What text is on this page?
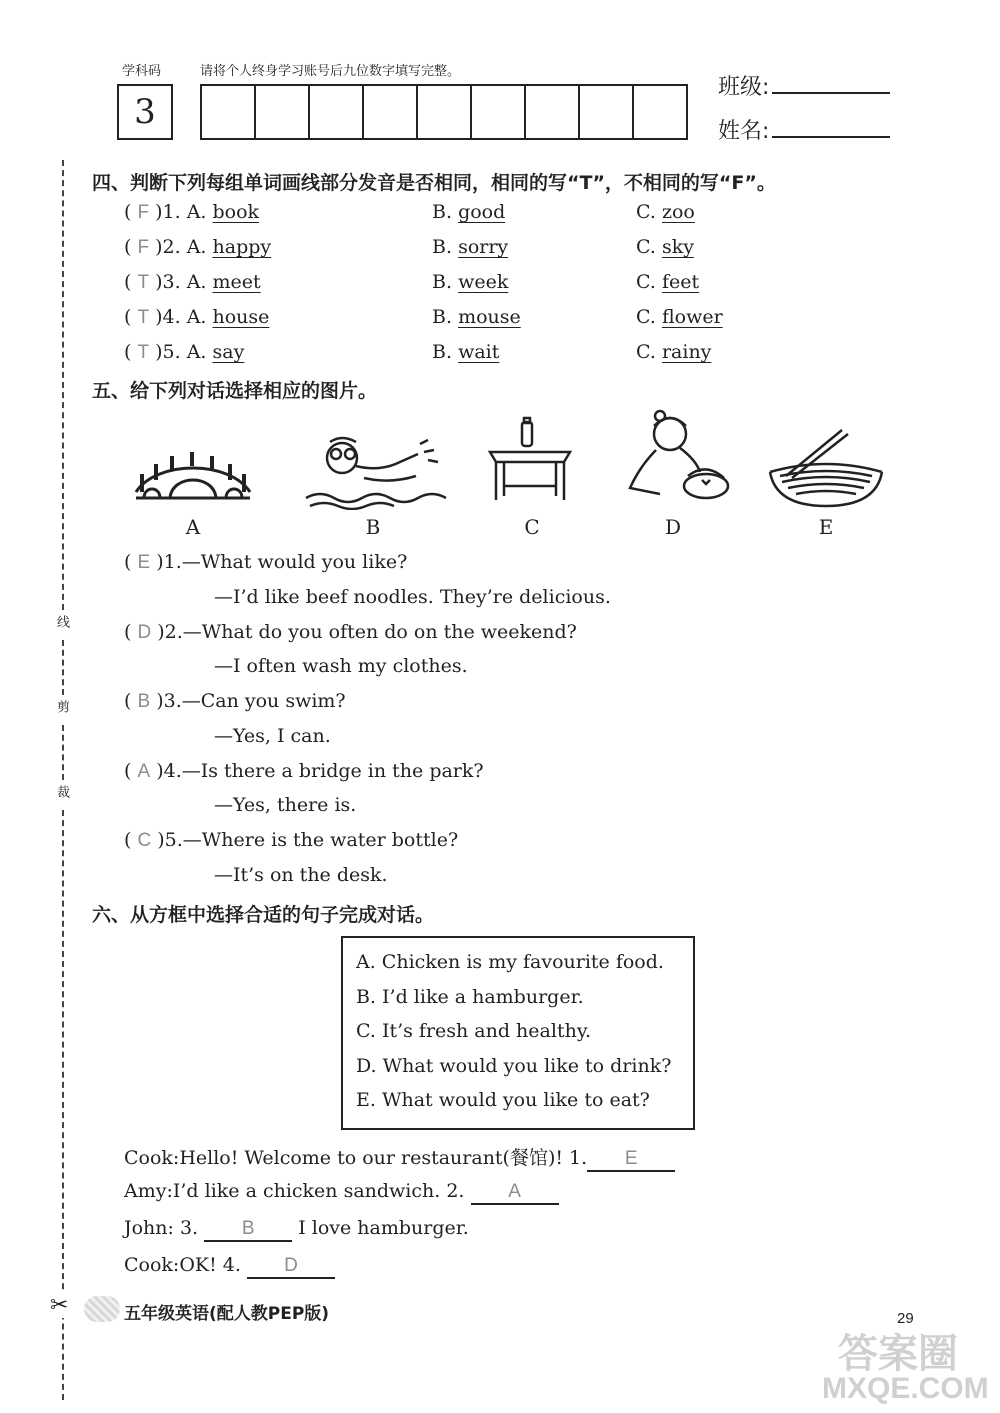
学科码	请将个人终身学习账号后九位数字填写完整。
3
班级:
姓名:
线
剪
裁
✂
四、判断下列每组单词画线部分发音是否相同，相同的写“T”，不相同的写“F”。
( F )1. A. book	B. good	C. zoo
( F )2. A. happy	B. sorry	C. sky
( T )3. A. meet	B. week	C. feet
( T )4. A. house	B. mouse	C. flower
( T )5. A. say	B. wait	C. rainy
五、给下列对话选择相应的图片。
A	B	C	D	E
( E )1.—What would you like?
—I’d like beef noodles. They’re delicious.
( D )2.—What do you often do on the weekend?
—I often wash my clothes.
( B )3.—Can you swim?
—Yes, I can.
( A )4.—Is there a bridge in the park?
—Yes, there is.
( C )5.—Where is the water bottle?
—It’s on the desk.
六、从方框中选择合适的句子完成对话。
A. Chicken is my favourite food.
B. I’d like a hamburger.
C. It’s fresh and healthy.
D. What would you like to drink?
E. What would you like to eat?
Cook:Hello! Welcome to our restaurant(餐馆)! 1. E
Amy:I’d like a chicken sandwich. 2. A
John: 3. B I love hamburger.
Cook:OK! 4. D
五年级英语(配人教PEP版)	29
答案圈
MXQE.COM
